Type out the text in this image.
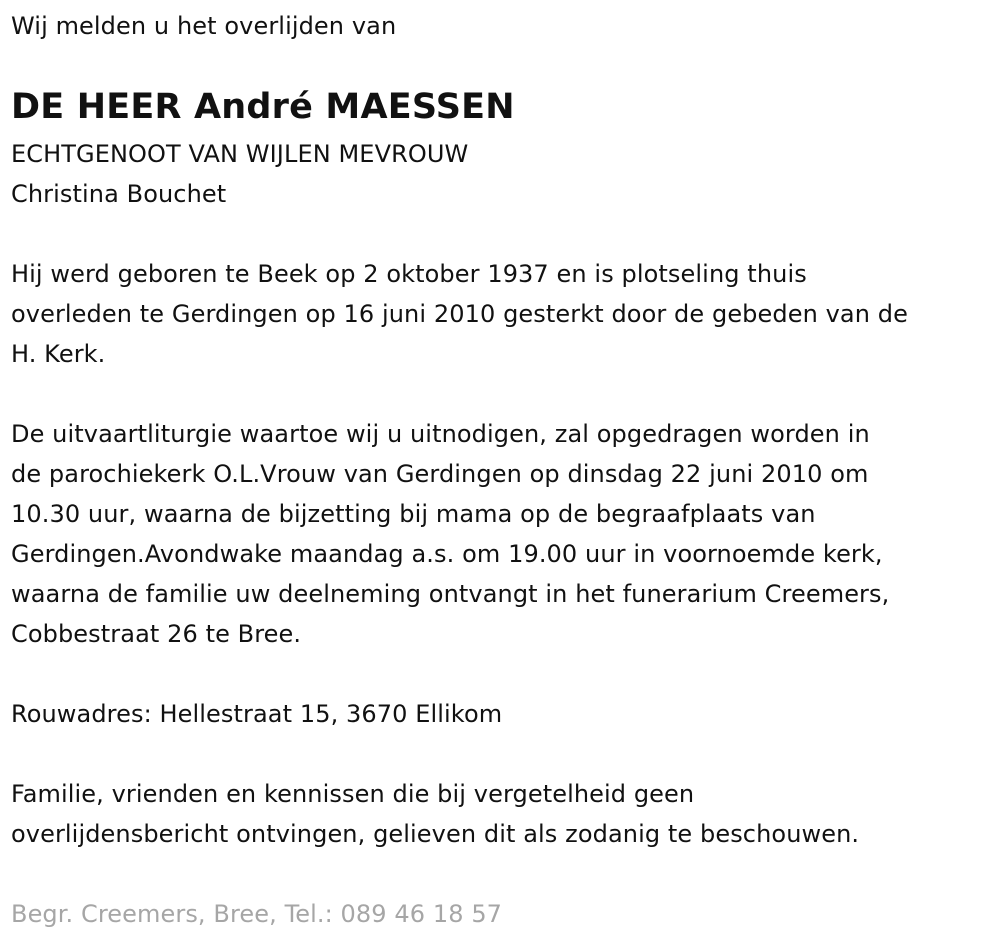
Wij melden u het overlijden van
DE HEER André MAESSEN
ECHTGENOOT VAN WIJLEN MEVROUW
Christina Bouchet
Hij werd geboren te Beek op 2 oktober 1937 en is plotseling thuis
overleden te Gerdingen op 16 juni 2010 gesterkt door de gebeden van de
H. Kerk.
De uitvaartliturgie waartoe wij u uitnodigen, zal opgedragen worden in
de parochiekerk O.L.Vrouw van Gerdingen op dinsdag 22 juni 2010 om
10.30 uur, waarna de bijzetting bij mama op de begraafplaats van
Gerdingen.Avondwake maandag a.s. om 19.00 uur in voornoemde kerk,
waarna de familie uw deelneming ontvangt in het funerarium Creemers,
Cobbestraat 26 te Bree.
Rouwadres: Hellestraat 15, 3670 Ellikom
Familie, vrienden en kennissen die bij vergetelheid geen
overlijdensbericht ontvingen, gelieven dit als zodanig te beschouwen.
Begr. Creemers, Bree, Tel.: 089 46 18 57
